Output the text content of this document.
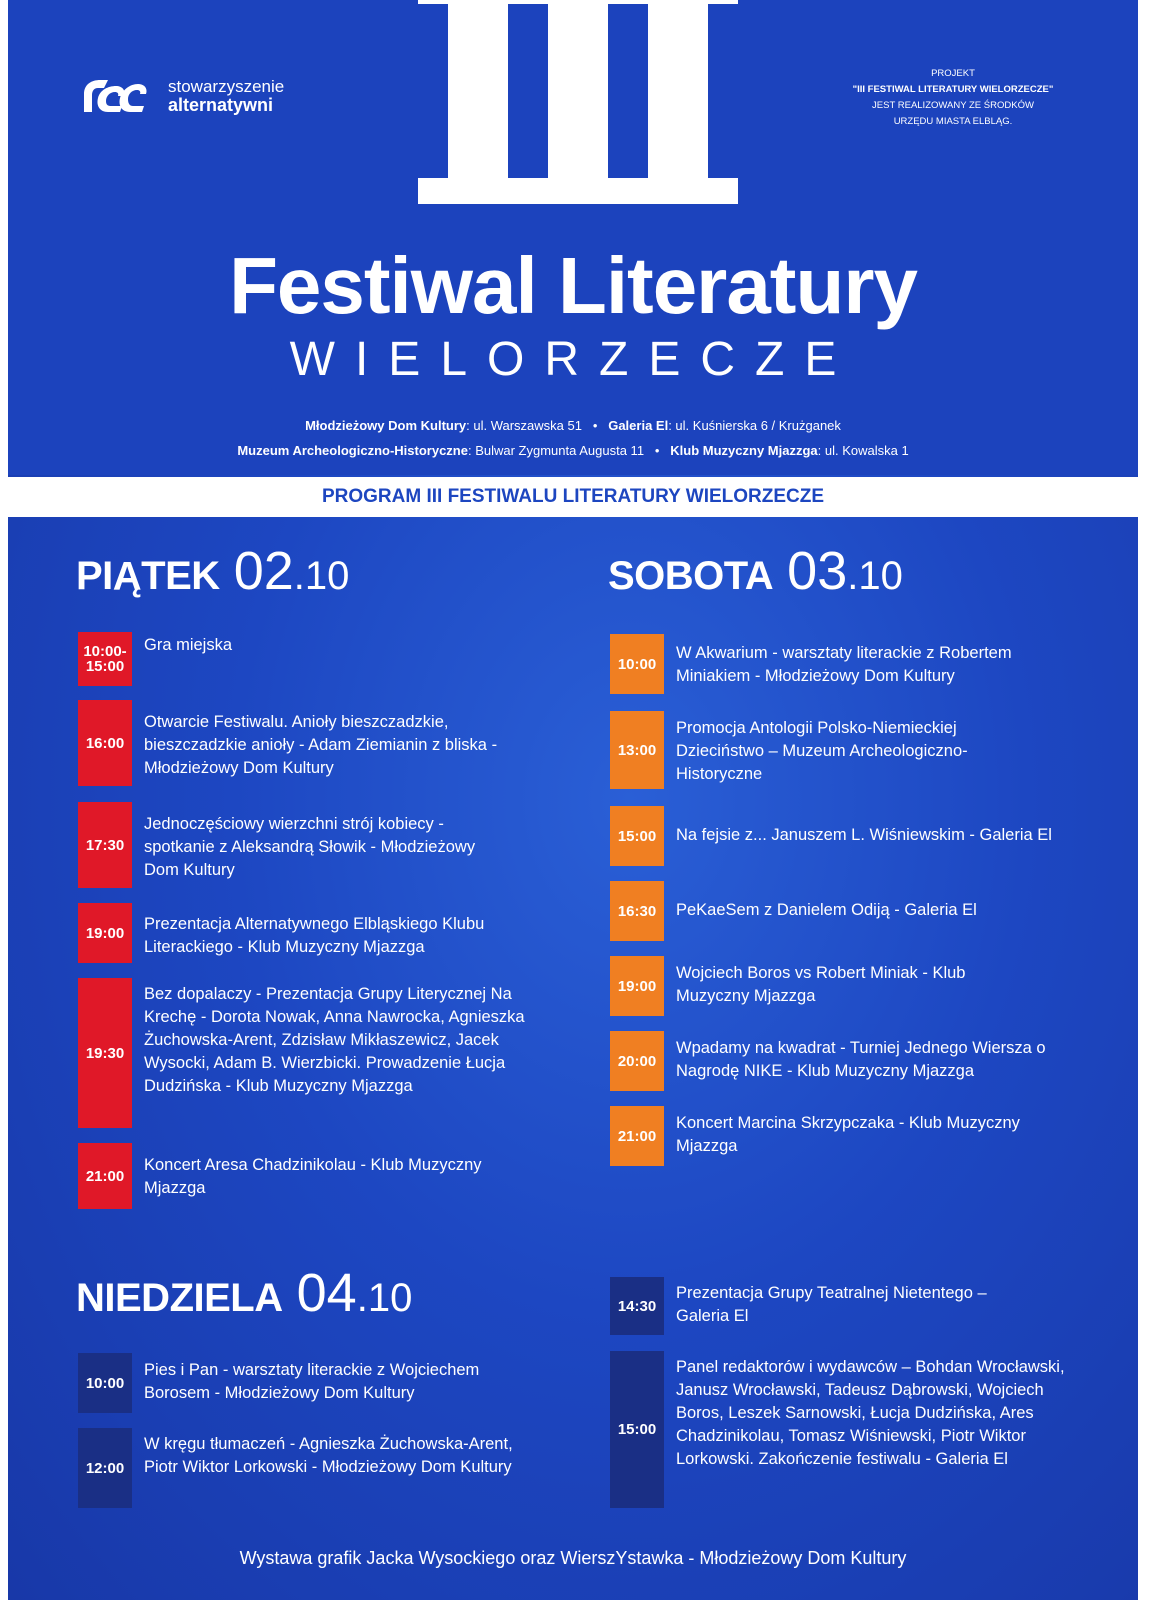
stowarzyszenie
alternatywni
PROJEKT
"III FESTIWAL LITERATURY WIELORZECZE"
JEST REALIZOWANY ZE ŚRODKÓW
URZĘDU MIASTA ELBLĄG.
Festiwal Literatury
WIELORZECZE
Młodzieżowy Dom Kultury: ul. Warszawska 51   •   Galeria El: ul. Kuśnierska 6 / Krużganek
Muzeum Archeologiczno-Historyczne: Bulwar Zygmunta Augusta 11   •   Klub Muzyczny Mjazzga: ul. Kowalska 1
PROGRAM III FESTIWALU LITERATURY WIELORZECZE
PIĄTEK 02.10
10:00-15:00
Gra miejska
16:00
Otwarcie Festiwalu. Anioły bieszczadzkie, bieszczadzkie anioły - Adam Ziemianin z bliska - Młodzieżowy Dom Kultury
17:30
Jednoczęściowy wierzchni strój kobiecy - spotkanie z Aleksandrą Słowik - Młodzieżowy Dom Kultury
19:00	Prezentacja Alternatywnego Elbląskiego Klubu Literackiego - Klub Muzyczny Mjazzga
19:30
Bez dopalaczy - Prezentacja Grupy Literycznej Na Krechę - Dorota Nowak, Anna Nawrocka, Agnieszka Żuchowska-Arent, Zdzisław Mikłaszewicz, Jacek Wysocki, Adam B. Wierzbicki. Prowadzenie Łucja Dudzińska - Klub Muzyczny Mjazzga
21:00
Koncert Aresa Chadzinikolau - Klub Muzyczny Mjazzga
SOBOTA 03.10
10:00
W Akwarium - warsztaty literackie z Robertem Miniakiem - Młodzieżowy Dom Kultury
13:00
Promocja Antologii Polsko-Niemieckiej Dzieciństwo – Muzeum Archeologiczno-Historyczne
15:00	Na fejsie z... Januszem L. Wiśniewskim - Galeria El
16:30	PeKaeSem z Danielem Odiją - Galeria El
19:00
Wojciech Boros vs Robert Miniak - Klub Muzyczny Mjazzga
20:00
Wpadamy na kwadrat - Turniej Jednego Wiersza o Nagrodę NIKE - Klub Muzyczny Mjazzga
21:00
Koncert Marcina Skrzypczaka - Klub Muzyczny Mjazzga
NIEDZIELA 04.10
10:00
Pies i Pan - warsztaty literackie z Wojciechem Borosem - Młodzieżowy Dom Kultury
12:00
W kręgu tłumaczeń - Agnieszka Żuchowska-Arent, Piotr Wiktor Lorkowski - Młodzieżowy Dom Kultury
14:30
Prezentacja Grupy Teatralnej Nietentego – Galeria El
15:00
Panel redaktorów i wydawców – Bohdan Wrocławski, Janusz Wrocławski, Tadeusz Dąbrowski, Wojciech Boros, Leszek Sarnowski, Łucja Dudzińska, Ares Chadzinikolau, Tomasz Wiśniewski, Piotr Wiktor Lorkowski. Zakończenie festiwalu - Galeria El
Wystawa grafik Jacka Wysockiego oraz WierszYstawka - Młodzieżowy Dom Kultury
